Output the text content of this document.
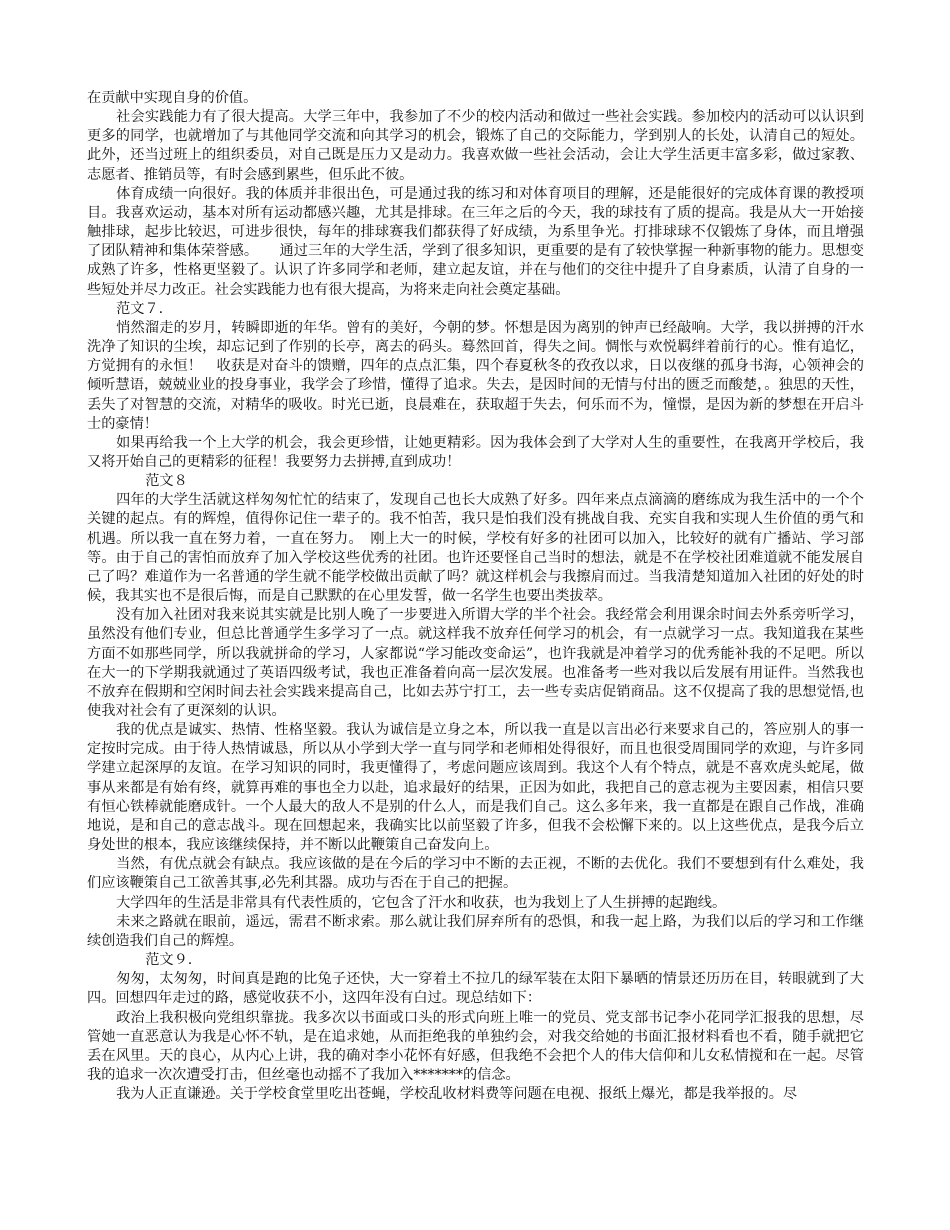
在贡献中实现自身的价值。

社会实践能力有了很大提高。大学三年中，我参加了不少的校内活动和做过一些社会实践。参加校内的活动可以认识到更多的同学，也就增加了与其他同学交流和向其学习的机会，锻炼了自己的交际能力，学到别人的长处，认清自己的短处。此外，还当过班上的组织委员，对自己既是压力又是动力。我喜欢做一些社会活动，会让大学生活更丰富多彩，做过家教、志愿者、推销员等，有时会感到累些，但乐此不彼。

体育成绩一向很好。我的体质并非很出色，可是通过我的练习和对体育项目的理解，还是能很好的完成体育课的教授项目。我喜欢运动，基本对所有运动都感兴趣，尤其是排球。在三年之后的今天，我的球技有了质的提高。我是从大一开始接触排球，起步比较迟，可进步很快，每年的排球赛我们都获得了好成绩，为系里争光。打排球球不仅锻炼了身体，而且增强了团队精神和集体荣誉感。　　通过三年的大学生活，学到了很多知识，更重要的是有了较快掌握一种新事物的能力。思想变成熟了许多，性格更坚毅了。认识了许多同学和老师，建立起友谊，并在与他们的交往中提升了自身素质，认清了自身的一些短处并尽力改正。社会实践能力也有很大提高，为将来走向社会奠定基础。

范文７.

悄然溜走的岁月，转瞬即逝的年华。曾有的美好，今朝的梦。怀想是因为离别的钟声已经敲响。大学，我以拼搏的汗水洗净了知识的尘埃，却忘记到了作别的长亭，离去的码头。蓦然回首，得失之间。惆怅与欢悦羁绊着前行的心。惟有追忆，方觉拥有的永恒！　收获是对奋斗的馈赠，四年的点点汇集，四个春夏秋冬的孜孜以求，日以夜继的孤身书海，心领神会的倾听慧语，兢兢业业的投身事业，我学会了珍惜，懂得了追求。失去，是因时间的无情与付出的匮乏而酸楚，。独思的天性，丢失了对智慧的交流，对精华的吸收。时光已逝，良晨难在，获取超于失去，何乐而不为，憧憬，是因为新的梦想在开启斗士的豪情！

如果再给我一个上大学的机会，我会更珍惜，让她更精彩。因为我体会到了大学对人生的重要性，在我离开学校后，我又将开始自己的更精彩的征程！我要努力去拼搏,直到成功！

范文８

四年的大学生活就这样匆匆忙忙的结束了，发现自己也长大成熟了好多。四年来点点滴滴的磨练成为我生活中的一个个关键的起点。有的辉煌，值得你记住一辈子的。我不怕苦，我只是怕我们没有挑战自我、充实自我和实现人生价值的勇气和机遇。所以我一直在努力着，一直在努力。　刚上大一的时候，学校有好多的社团可以加入，比较好的就有广播站、学习部等。由于自己的害怕而放弃了加入学校这些优秀的社团。也许还要怪自己当时的想法，就是不在学校社团难道就不能发展自己了吗？难道作为一名普通的学生就不能学校做出贡献了吗？就这样机会与我擦肩而过。当我清楚知道加入社团的好处的时候，我其实也不是很后悔，而是自己默默的在心里发誓，做一名学生也要出类拔萃。

没有加入社团对我来说其实就是比别人晚了一步要进入所谓大学的半个社会。我经常会利用课余时间去外系旁听学习，虽然没有他们专业，但总比普通学生多学习了一点。就这样我不放弃任何学习的机会，有一点就学习一点。我知道我在某些方面不如那些同学，所以我就拼命的学习，人家都说“学习能改变命运”，也许我就是冲着学习的优秀能补我的不足吧。所以在大一的下学期我就通过了英语四级考试，我也正准备着向高一层次发展。也准备考一些对我以后发展有用证件。当然我也不放弃在假期和空闲时间去社会实践来提高自己，比如去苏宁打工，去一些专卖店促销商品。这不仅提高了我的思想觉悟,也使我对社会有了更深刻的认识。

我的优点是诚实、热情、性格坚毅。我认为诚信是立身之本，所以我一直是以言出必行来要求自己的，答应别人的事一定按时完成。由于待人热情诚恳，所以从小学到大学一直与同学和老师相处得很好，而且也很受周围同学的欢迎，与许多同学建立起深厚的友谊。在学习知识的同时，我更懂得了，考虑问题应该周到。我这个人有个特点，就是不喜欢虎头蛇尾，做事从来都是有始有终，就算再难的事也全力以赴，追求最好的结果，正因为如此，我把自己的意志视为主要因素，相信只要有恒心铁棒就能磨成针。一个人最大的敌人不是别的什么人，而是我们自己。这么多年来，我一直都是在跟自己作战，准确地说，是和自己的意志战斗。现在回想起来，我确实比以前坚毅了许多，但我不会松懈下来的。以上这些优点，是我今后立身处世的根本，我应该继续保持，并不断以此鞭策自己奋发向上。

当然，有优点就会有缺点。我应该做的是在今后的学习中不断的去正视，不断的去优化。我们不要想到有什么难处，我们应该鞭策自己工欲善其事,必先利其器。成功与否在于自己的把握。

大学四年的生活是非常具有代表性质的，它包含了汗水和收获，也为我划上了人生拼搏的起跑线。

未来之路就在眼前，遥远，需君不断求索。那么就让我们屏弃所有的恐惧，和我一起上路，为我们以后的学习和工作继续创造我们自己的辉煌。

范文９.

匆匆，太匆匆，时间真是跑的比兔子还快，大一穿着土不拉几的绿军装在太阳下暴晒的情景还历历在目，转眼就到了大四。回想四年走过的路，感觉收获不小，这四年没有白过。现总结如下：

政治上我积极向党组织靠拢。我多次以书面或口头的形式向班上唯一的党员、党支部书记李小花同学汇报我的思想，尽管她一直恶意认为我是心怀不轨，是在追求她，从而拒绝我的单独约会，对我交给她的书面汇报材料看也不看，随手就把它丢在风里。天的良心，从内心上讲，我的确对李小花怀有好感，但我绝不会把个人的伟大信仰和儿女私情搅和在一起。尽管我的追求一次次遭受打击，但丝毫也动摇不了我加入*******的信念。

我为人正直谦逊。关于学校食堂里吃出苍蝇，学校乱收材料费等问题在电视、报纸上爆光，都是我举报的。尽
